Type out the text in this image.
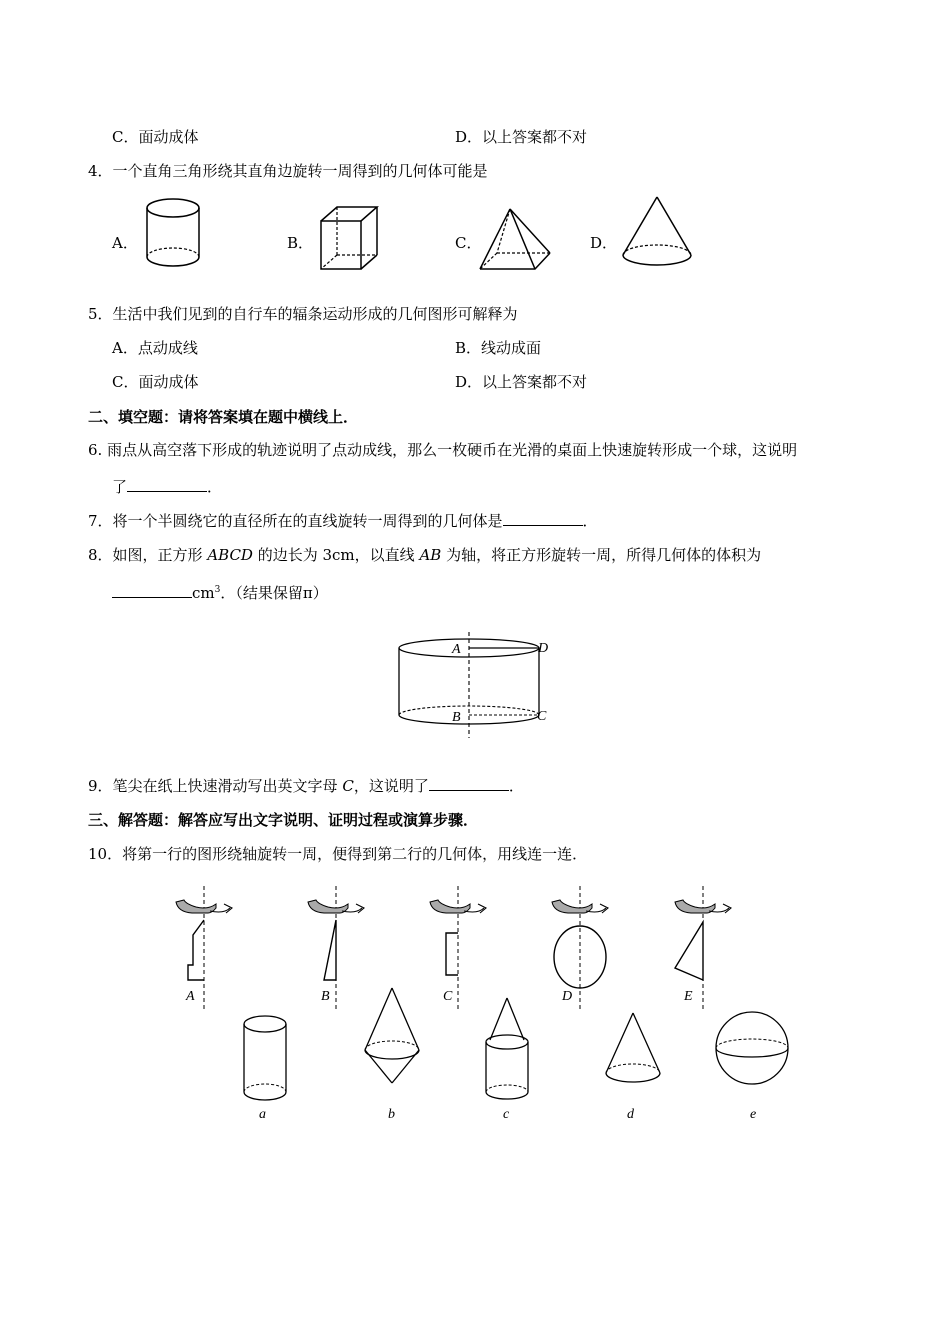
C．面动成体	D．以上答案都不对
4．一个直角三角形绕其直角边旋转一周得到的几何体可能是
A．	B．	C．	D．
5．生活中我们见到的自行车的辐条运动形成的几何图形可解释为
A．点动成线	B．线动成面
C．面动成体	D．以上答案都不对
二、填空题：请将答案填在题中横线上．
6. 雨点从高空落下形成的轨迹说明了点动成线，那么一枚硬币在光滑的桌面上快速旋转形成一个球，这说明
了	．
7．将一个半圆绕它的直径所在的直线旋转一周得到的几何体是	．
8．如图，正方形 ABCD 的边长为 3cm，以直线 AB 为轴，将正方形旋转一周，所得几何体的体积为
$cm^3$．（结果保留π）
A	D
B	C
9．笔尖在纸上快速滑动写出英文字母 C，这说明了	．
三、解答题：解答应写出文字说明、证明过程或演算步骤．
10．将第一行的图形绕轴旋转一周，便得到第二行的几何体，用线连一连．
A	B	C	D	E
a	b	c	d	e
